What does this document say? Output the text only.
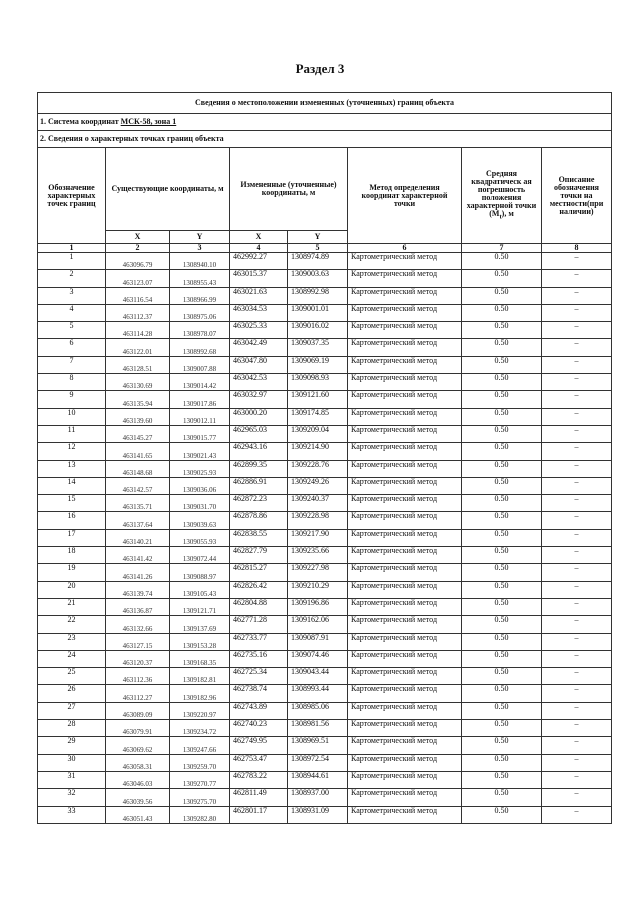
Раздел 3
Сведения о местоположении измененных (уточненных) границ объекта							
1. Система координат МСК-58, зона 1							
2. Сведения о характерных точках границ объекта							
Обозначение характерных точек границ	Существующие координаты, м		Измененные (уточненные) координаты, м		Метод определения координат характерной точки	Средняя квадратическ ая погрешность положения характерной точки $(М_t)$, м	Описание обозначения точки на местности(при наличии)
	X	Y	X	Y			
1	2	3	4	5	6	7	8
1	463096.79	1308940.10	462992.27	1308974.89	Картометрический метод	0.50	–
2	463123.07	1308955.43	463015.37	1309003.63	Картометрический метод	0.50	–
3	463116.54	1308966.99	463021.63	1308992.98	Картометрический метод	0.50	–
4	463112.37	1308975.06	463034.53	1309001.01	Картометрический метод	0.50	–
5	463114.28	1308978.07	463025.33	1309016.02	Картометрический метод	0.50	–
6	463122.01	1308992.68	463042.49	1309037.35	Картометрический метод	0.50	–
7	463128.51	1309007.88	463047.80	1309069.19	Картометрический метод	0.50	–
8	463130.69	1309014.42	463042.53	1309098.93	Картометрический метод	0.50	–
9	463135.94	1309017.86	463032.97	1309121.60	Картометрический метод	0.50	–
10	463139.60	1309012.11	463000.20	1309174.85	Картометрический метод	0.50	–
11	463145.27	1309015.77	462965.03	1309209.04	Картометрический метод	0.50	–
12	463141.65	1309021.43	462943.16	1309214.90	Картометрический метод	0.50	–
13	463148.68	1309025.93	462899.35	1309228.76	Картометрический метод	0.50	–
14	463142.57	1309036.06	462886.91	1309249.26	Картометрический метод	0.50	–
15	463135.71	1309031.70	462872.23	1309240.37	Картометрический метод	0.50	–
16	463137.64	1309039.63	462878.86	1309228.98	Картометрический метод	0.50	–
17	463140.21	1309055.93	462838.55	1309217.90	Картометрический метод	0.50	–
18	463141.42	1309072.44	462827.79	1309235.66	Картометрический метод	0.50	–
19	463141.26	1309088.97	462815.27	1309227.98	Картометрический метод	0.50	–
20	463139.74	1309105.43	462826.42	1309210.29	Картометрический метод	0.50	–
21	463136.87	1309121.71	462804.88	1309196.86	Картометрический метод	0.50	–
22	463132.66	1309137.69	462771.28	1309162.06	Картометрический метод	0.50	–
23	463127.15	1309153.28	462733.77	1309087.91	Картометрический метод	0.50	–
24	463120.37	1309168.35	462735.16	1309074.46	Картометрический метод	0.50	–
25	463112.36	1309182.81	462725.34	1309043.44	Картометрический метод	0.50	–
26	463112.27	1309182.96	462738.74	1308993.44	Картометрический метод	0.50	–
27	463089.09	1309220.97	462743.89	1308985.06	Картометрический метод	0.50	–
28	463079.91	1309234.72	462740.23	1308981.56	Картометрический метод	0.50	–
29	463069.62	1309247.66	462749.95	1308969.51	Картометрический метод	0.50	–
30	463058.31	1309259.70	462753.47	1308972.54	Картометрический метод	0.50	–
31	463046.03	1309270.77	462783.22	1308944.61	Картометрический метод	0.50	–
32	463039.56	1309275.70	462811.49	1308937.00	Картометрический метод	0.50	–
33	463051.43	1309282.80	462801.17	1308931.09	Картометрический метод	0.50	–
